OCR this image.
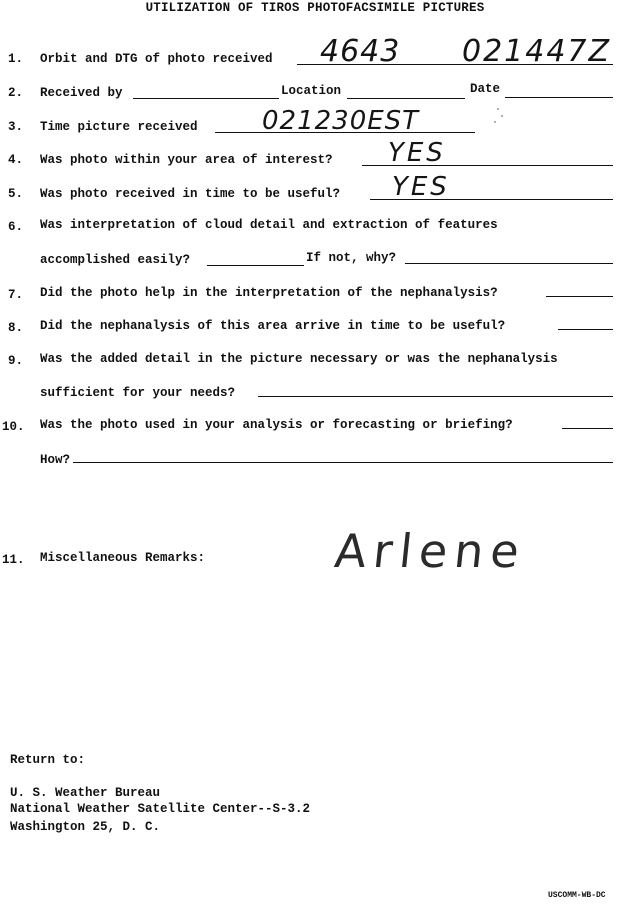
UTILIZATION OF TIROS PHOTOFACSIMILE PICTURES
1. Orbit and DTG of photo received 4643 021447Z
2. Received by	Location	Date
3. Time picture received 021230EST
4. Was photo within your area of interest? YES
5. Was photo received in time to be useful? YES
6. Was interpretation of cloud detail and extraction of features
accomplished easily?	If not, why?
7. Did the photo help in the interpretation of the nephanalysis?
8. Did the nephanalysis of this area arrive in time to be useful?
9. Was the added detail in the picture necessary or was the nephanalysis
sufficient for your needs?
10. Was the photo used in your analysis or forecasting or briefing?
How?
11. Miscellaneous Remarks:	Arlene
Return to:
U. S. Weather Bureau
National Weather Satellite Center--S-3.2
Washington 25, D. C.
USCOMM-WB-DC
